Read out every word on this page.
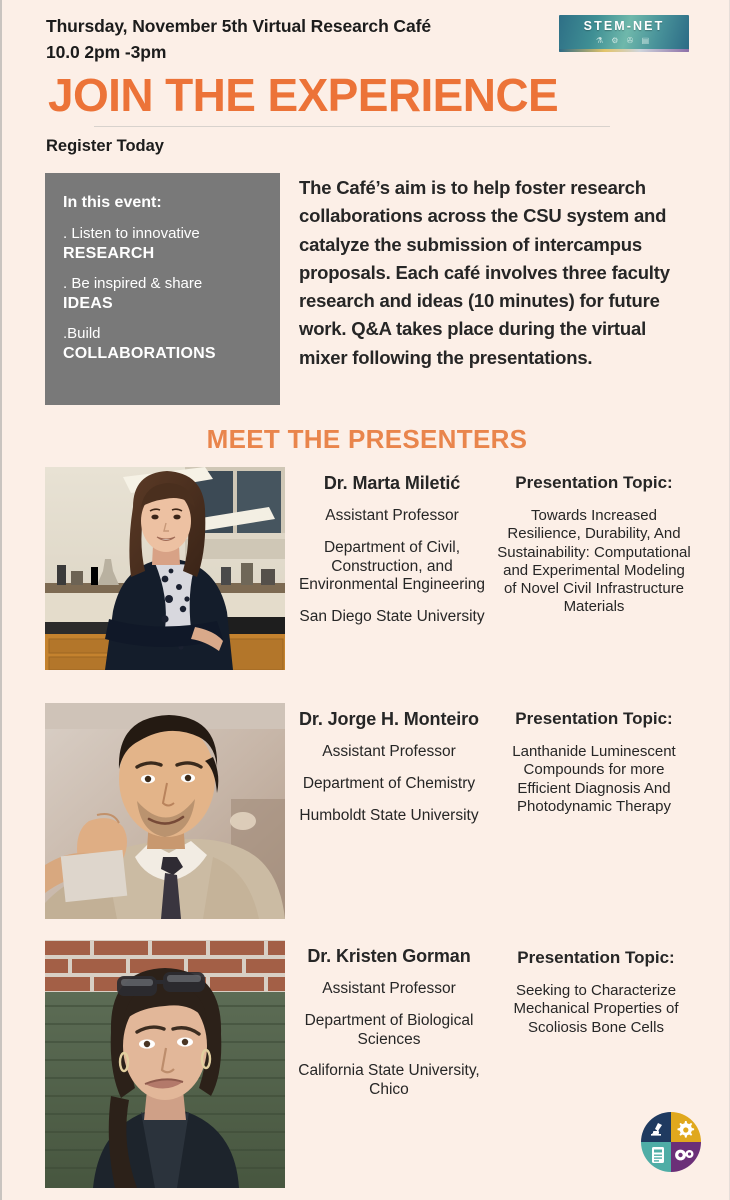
Thursday, November 5th Virtual Research Café
10.0 2pm -3pm
STEM-NET
⚗ ⚙ ✇ ▤
JOIN THE EXPERIENCE
Register Today
In this event:
. Listen to innovative
RESEARCH
. Be inspired & share
IDEAS
.Build
COLLABORATIONS
The Café’s aim is to help foster research collaborations across the CSU system and catalyze the submission of intercampus proposals. Each café involves three faculty research and ideas (10 minutes) for future work. Q&A takes place during the virtual mixer following the presentations.
MEET THE PRESENTERS
Dr. Marta Miletić
Assistant Professor
Department of Civil, Construction, and Environmental Engineering
San Diego State University
Presentation Topic:
Towards Increased Resilience, Durability, And Sustainability: Computational and Experimental Modeling of Novel Civil Infrastructure Materials
Dr. Jorge H. Monteiro
Assistant Professor
Department of Chemistry
Humboldt State University
Presentation Topic:
Lanthanide Luminescent Compounds for more Efficient Diagnosis And Photodynamic Therapy
Dr. Kristen Gorman
Assistant Professor
Department of Biological Sciences
California State University, Chico
Presentation Topic:
Seeking to Characterize Mechanical Properties of Scoliosis Bone Cells
